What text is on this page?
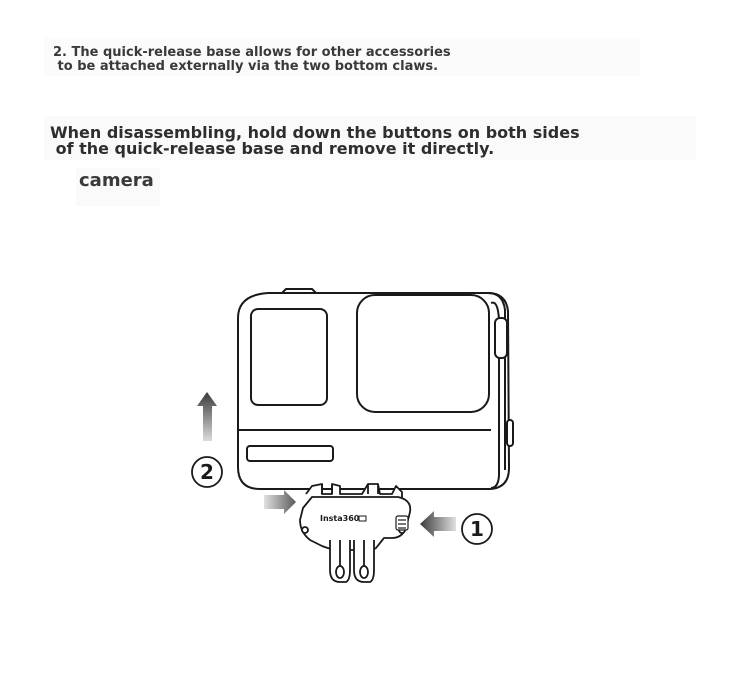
2. The quick-release base allows for other accessories
to be attached externally via the two bottom claws.
When disassembling, hold down the buttons on both sides
of the quick-release base and remove it directly.
camera
Insta360
2
1
